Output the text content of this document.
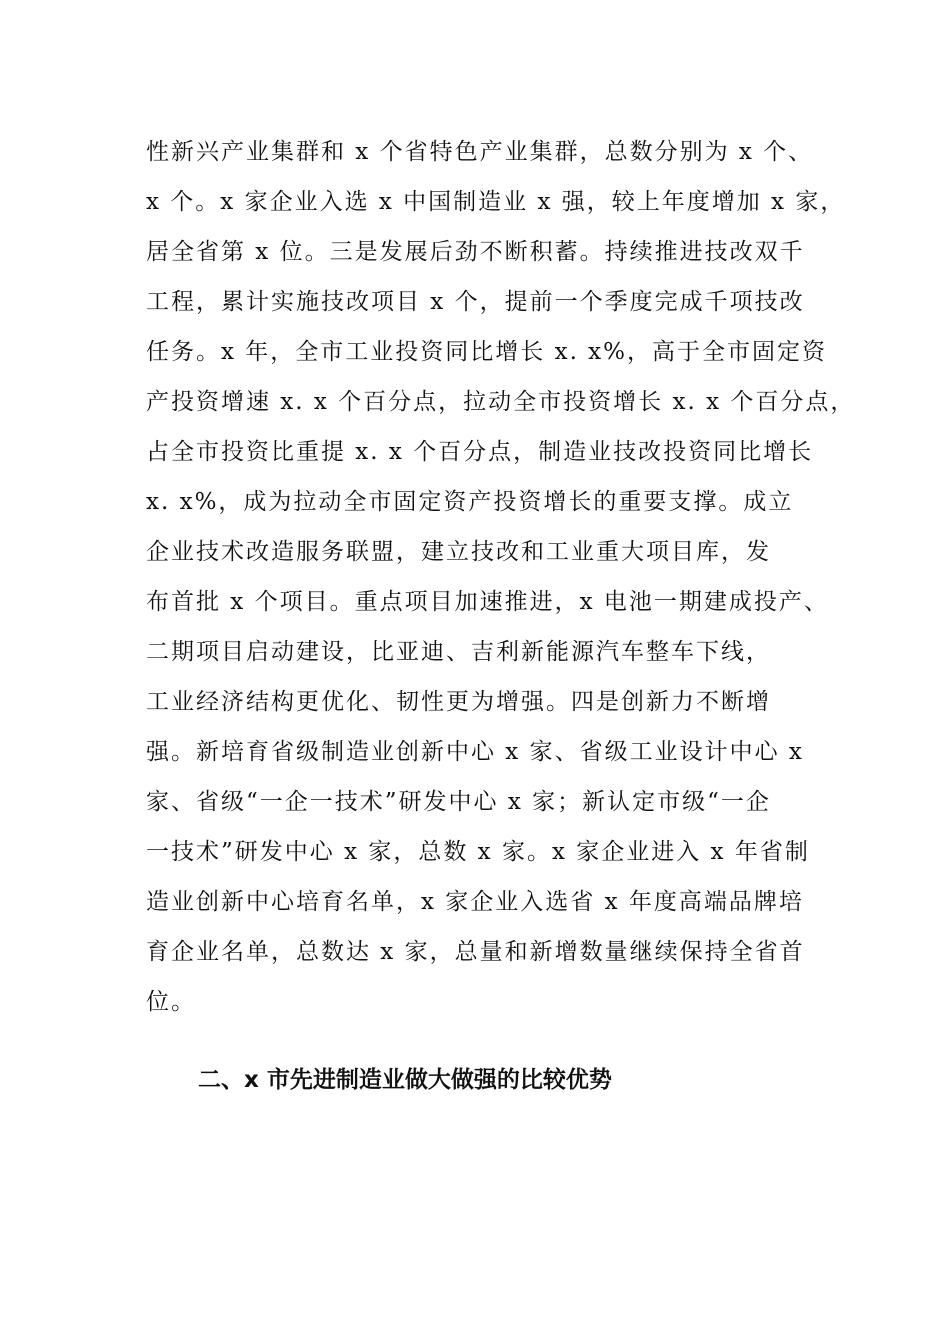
性新兴产业集群和 x 个省特色产业集群，总数分别为 x 个、
x 个。x 家企业入选 x 中国制造业 x 强，较上年度增加 x 家，
居全省第 x 位。三是发展后劲不断积蓄。持续推进技改双千
工程，累计实施技改项目 x 个，提前一个季度完成千项技改
任务。x 年，全市工业投资同比增长 x. x%，高于全市固定资
产投资增速 x. x 个百分点，拉动全市投资增长 x. x 个百分点，
占全市投资比重提 x. x 个百分点，制造业技改投资同比增长
x. x%，成为拉动全市固定资产投资增长的重要支撑。成立
企业技术改造服务联盟，建立技改和工业重大项目库，发
布首批 x 个项目。重点项目加速推进，x 电池一期建成投产、
二期项目启动建设，比亚迪、吉利新能源汽车整车下线，
工业经济结构更优化、韧性更为增强。四是创新力不断增
强。新培育省级制造业创新中心 x 家、省级工业设计中心 x
家、省级“一企一技术”研发中心 x 家；新认定市级“一企
一技术”研发中心 x 家，总数 x 家。x 家企业进入 x 年省制
造业创新中心培育名单，x 家企业入选省 x 年度高端品牌培
育企业名单，总数达 x 家，总量和新增数量继续保持全省首
位。
二、x 市先进制造业做大做强的比较优势
